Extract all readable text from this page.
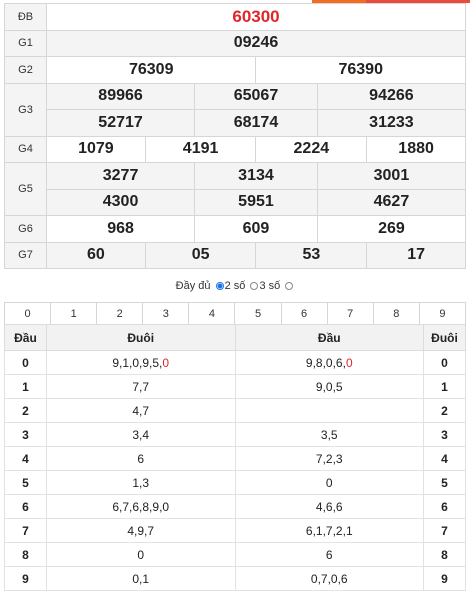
ĐB	60300					
G1	09246					
G2	76309			76390		
G3	89966		65067		94266	
	52717		68174		31233	
G4	1079	4191		2224		1880
G5	3277		3134		3001	
	4300		5951		4627	
G6	968		609		269	
G7	60	05		53		17
Đầy đủ 2 số 3 số
0	1	2	3	4	5	6	7	8	9
Đầu	Đuôi	Đầu	Đuôi
0	9,1,0,9,5,0	9,8,0,6,0	0
1	7,7	9,0,5	1
2	4,7		2
3	3,4	3,5	3
4	6	7,2,3	4
5	1,3	0	5
6	6,7,6,8,9,0	4,6,6	6
7	4,9,7	6,1,7,2,1	7
8	0	6	8
9	0,1	0,7,0,6	9
